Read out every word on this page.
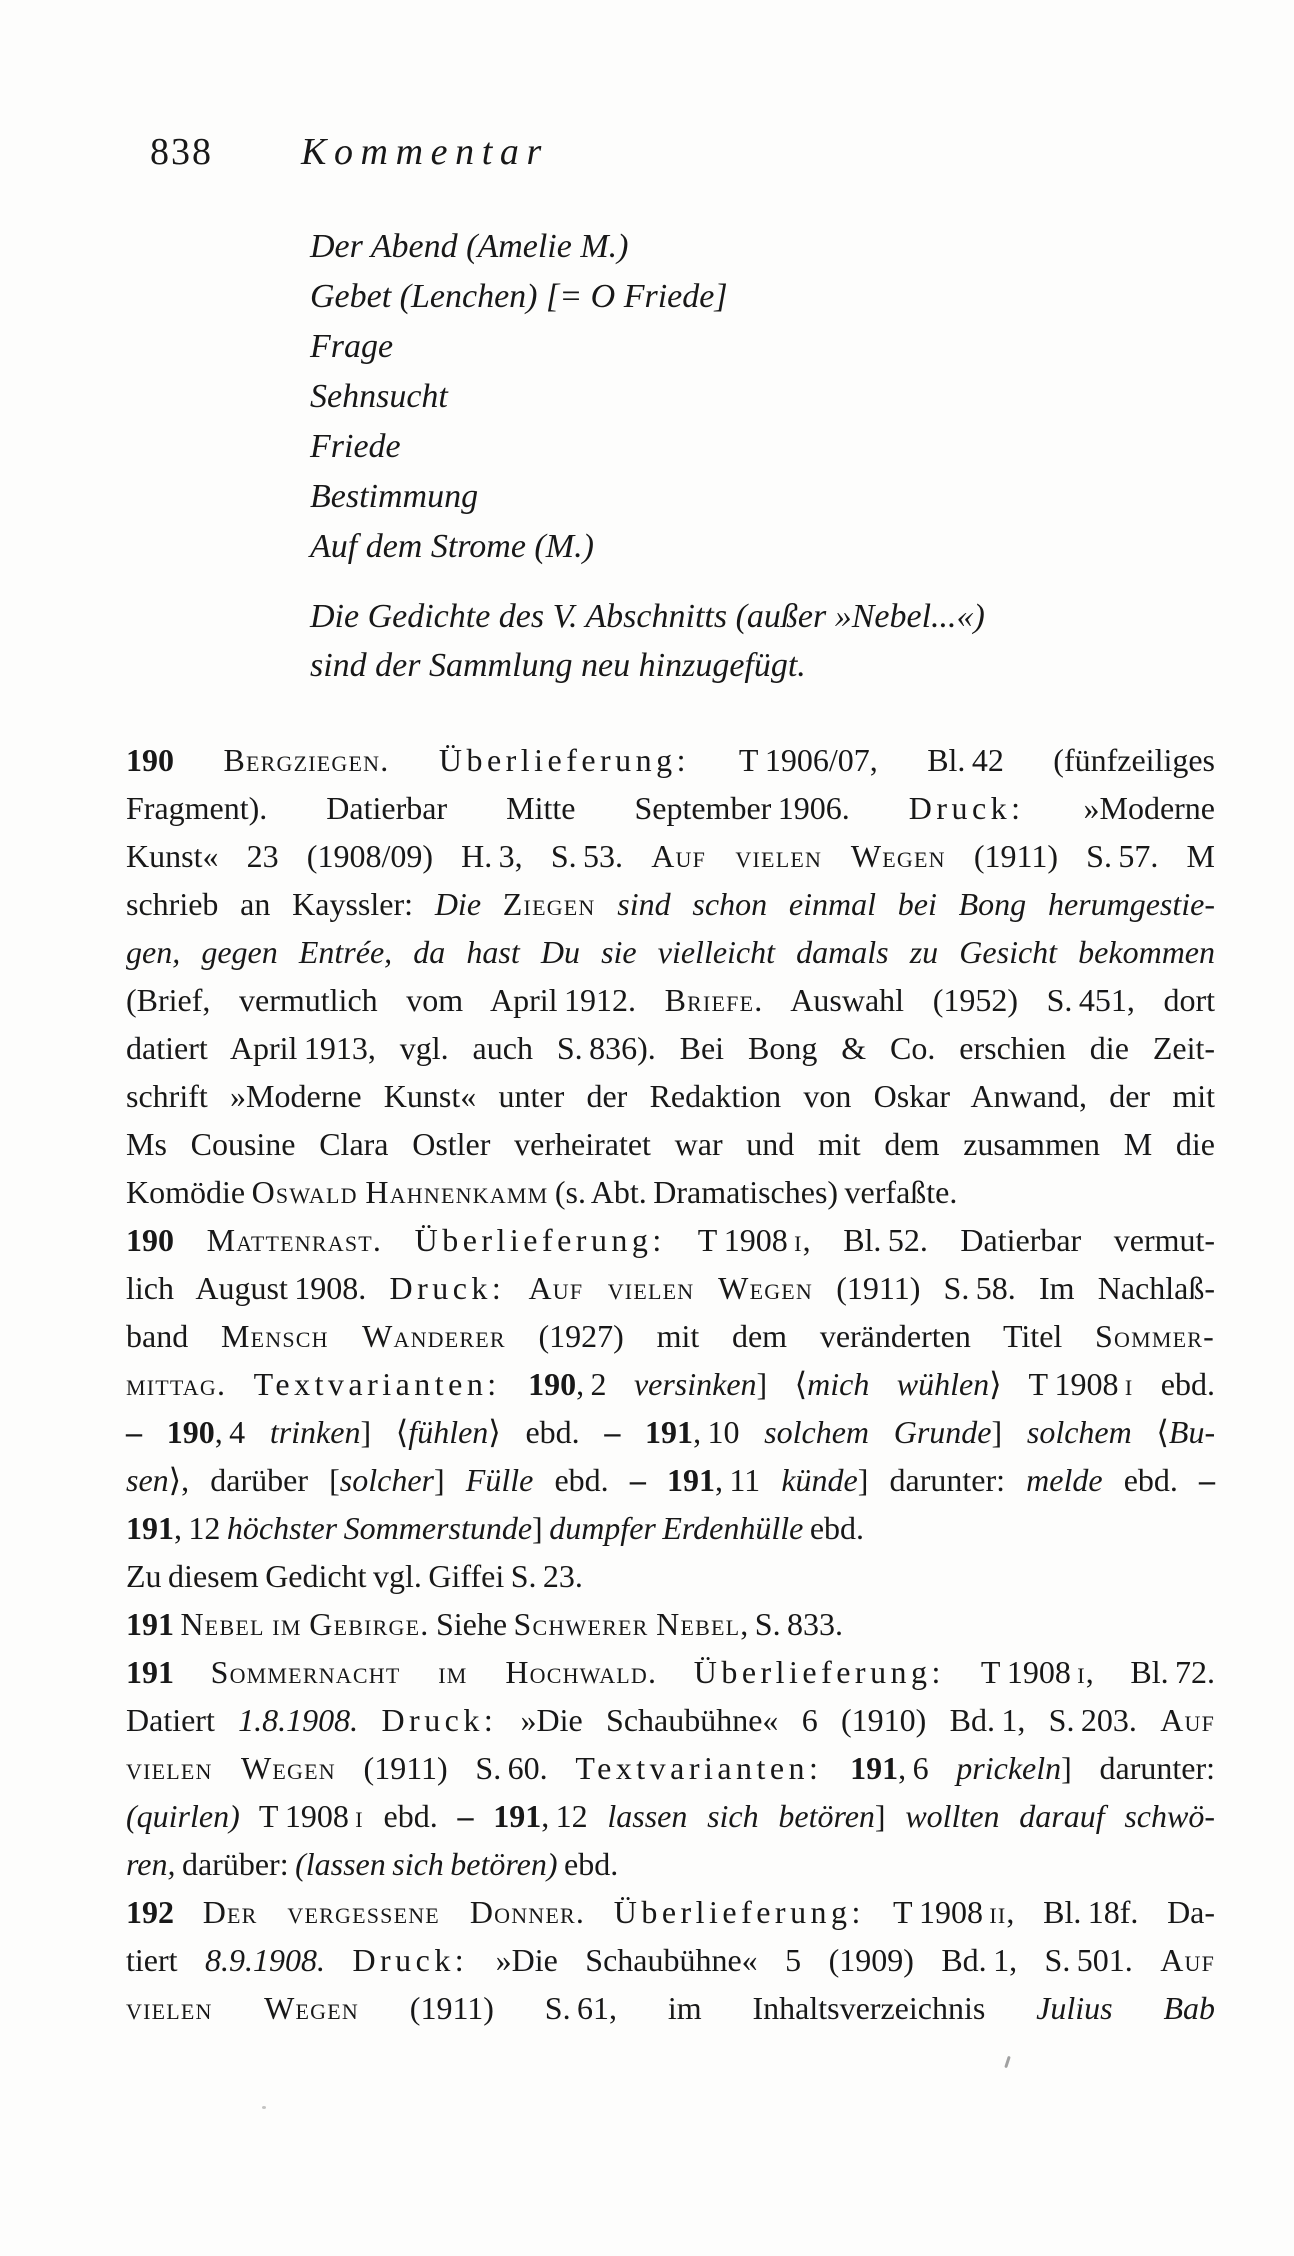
838 Kommentar
Der Abend (Amelie M.)
Gebet (Lenchen) [= O Friede]
Frage
Sehnsucht
Friede
Bestimmung
Auf dem Strome (M.)
Die Gedichte des V. Abschnitts (außer »Nebel...«)
sind der Sammlung neu hinzugefügt.
190 Bergziegen. Überlieferung: T 1906/07, Bl. 42 (fünfzeiliges
Fragment). Datierbar Mitte September 1906. Druck: »Moderne
Kunst« 23 (1908/09) H. 3, S. 53. Auf vielen Wegen (1911) S. 57. M
schrieb an Kayssler: Die Ziegen sind schon einmal bei Bong herumgestie-
gen, gegen Entrée, da hast Du sie vielleicht damals zu Gesicht bekommen
(Brief, vermutlich vom April 1912. Briefe. Auswahl (1952) S. 451, dort
datiert April 1913, vgl. auch S. 836). Bei Bong & Co. erschien die Zeit-
schrift »Moderne Kunst« unter der Redaktion von Oskar Anwand, der mit
Ms Cousine Clara Ostler verheiratet war und mit dem zusammen M die
Komödie Oswald Hahnenkamm (s. Abt. Dramatisches) verfaßte.
190 Mattenrast. Überlieferung: T 1908 i, Bl. 52. Datierbar vermut-
lich August 1908. Druck: Auf vielen Wegen (1911) S. 58. Im Nachlaß-
band Mensch Wanderer (1927) mit dem veränderten Titel Sommer-
mittag. Textvarianten: 190, 2 versinken] ⟨mich wühlen⟩ T 1908 i ebd.
– 190, 4 trinken] ⟨fühlen⟩ ebd. – 191, 10 solchem Grunde] solchem ⟨Bu-
sen⟩, darüber [solcher] Fülle ebd. – 191, 11 künde] darunter: melde ebd. –
191, 12 höchster Sommerstunde] dumpfer Erdenhülle ebd.
Zu diesem Gedicht vgl. Giffei S. 23.
191 Nebel im Gebirge. Siehe Schwerer Nebel, S. 833.
191 Sommernacht im Hochwald. Überlieferung: T 1908 i, Bl. 72.
Datiert 1.8.1908. Druck: »Die Schaubühne« 6 (1910) Bd. 1, S. 203. Auf
vielen Wegen (1911) S. 60. Textvarianten: 191, 6 prickeln] darunter:
(quirlen) T 1908 i ebd. – 191, 12 lassen sich betören] wollten darauf schwö-
ren, darüber: (lassen sich betören) ebd.
192 Der vergessene Donner. Überlieferung: T 1908 ii, Bl. 18f. Da-
tiert 8.9.1908. Druck: »Die Schaubühne« 5 (1909) Bd. 1, S. 501. Auf
vielen Wegen (1911) S. 61, im Inhaltsverzeichnis Julius Bab
